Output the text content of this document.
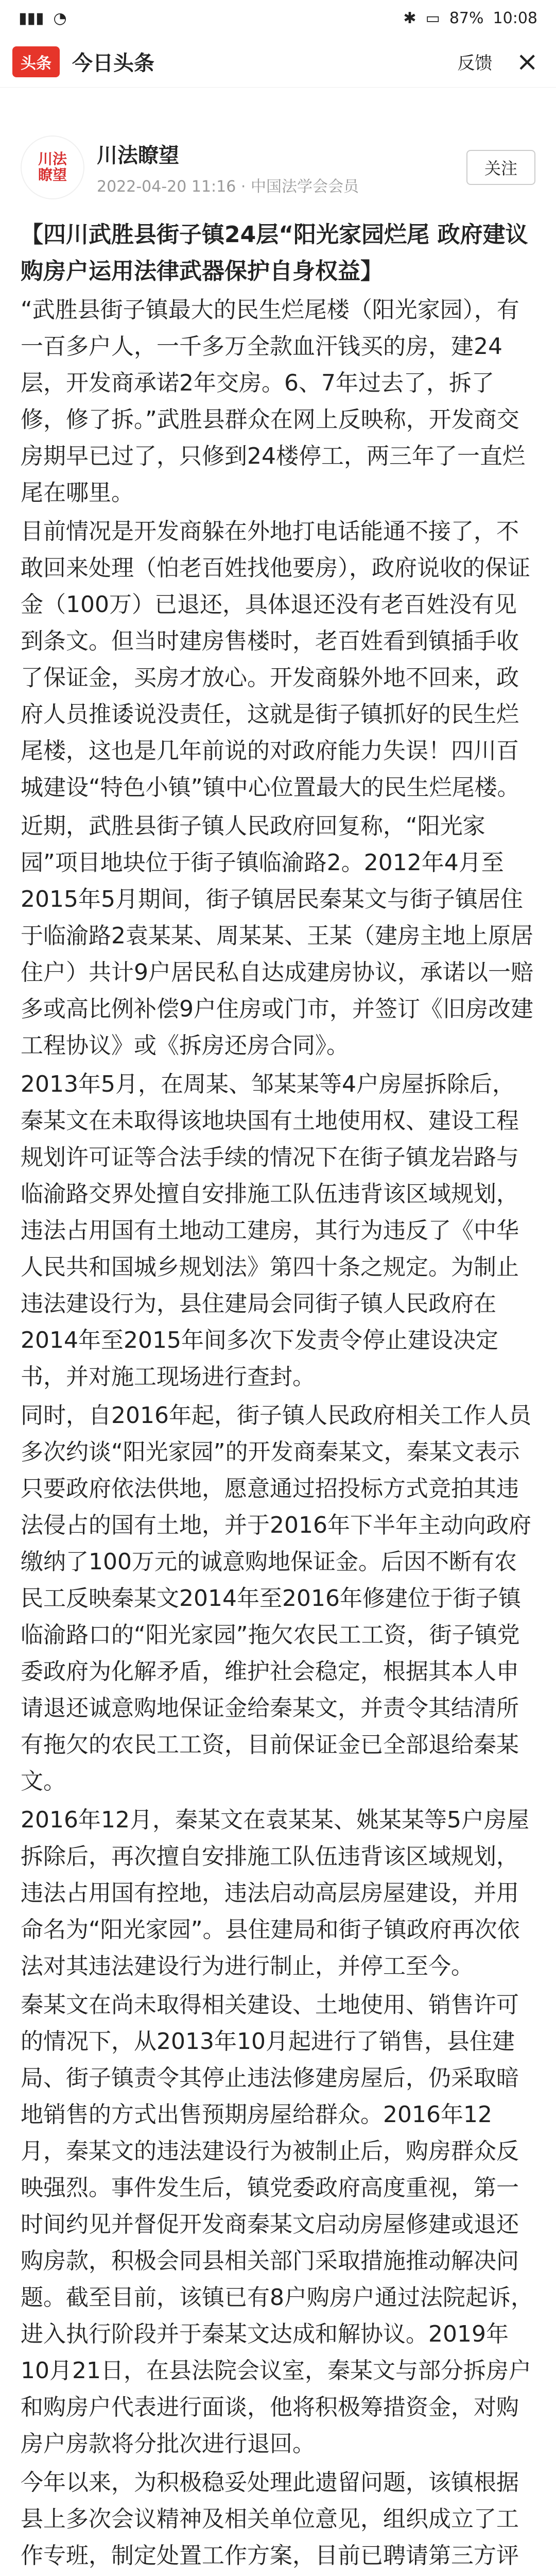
▮▮▮ ◔	✱ ▭ 87% 10:08
头条	今日头条	反馈 ×
川法
瞭望
川法瞭望
2022-04-20 11:16 · 中国法学会会员
关注

【四川武胜县街子镇24层“阳光家园烂尾 政府建议购房户运用法律武器保护自身权益】

“武胜县街子镇最大的民生烂尾楼（阳光家园），有一百多户人，一千多万全款血汗钱买的房，建24层，开发商承诺2年交房。6、7年过去了，拆了修，修了拆。”武胜县群众在网上反映称，开发商交房期早已过了，只修到24楼停工，两三年了一直烂尾在哪里。

目前情况是开发商躲在外地打电话能通不接了，不敢回来处理（怕老百姓找他要房），政府说收的保证金（100万）已退还，具体退还没有老百姓没有见到条文。但当时建房售楼时，老百姓看到镇插手收了保证金，买房才放心。开发商躲外地不回来，政府人员推诿说没责任，这就是街子镇抓好的民生烂尾楼，这也是几年前说的对政府能力失误！四川百城建设“特色小镇”镇中心位置最大的民生烂尾楼。

近期，武胜县街子镇人民政府回复称，“阳光家园”项目地块位于街子镇临渝路2。2012年4月至2015年5月期间，街子镇居民秦某文与街子镇居住于临渝路2袁某某、周某某、王某（建房主地上原居住户）共计9户居民私自达成建房协议，承诺以一赔多或高比例补偿9户住房或门市，并签订《旧房改建工程协议》或《拆房还房合同》。

2013年5月，在周某、邹某某等4户房屋拆除后，秦某文在未取得该地块国有土地使用权、建设工程规划许可证等合法手续的情况下在街子镇龙岩路与临渝路交界处擅自安排施工队伍违背该区域规划，违法占用国有土地动工建房，其行为违反了《中华人民共和国城乡规划法》第四十条之规定。为制止违法建设行为，县住建局会同街子镇人民政府在2014年至2015年间多次下发责令停止建设决定书，并对施工现场进行查封。

同时，自2016年起，街子镇人民政府相关工作人员多次约谈“阳光家园”的开发商秦某文，秦某文表示只要政府依法供地，愿意通过招投标方式竞拍其违法侵占的国有土地，并于2016年下半年主动向政府缴纳了100万元的诚意购地保证金。后因不断有农民工反映秦某文2014年至2016年修建位于街子镇临渝路口的“阳光家园”拖欠农民工工资，街子镇党委政府为化解矛盾，维护社会稳定，根据其本人申请退还诚意购地保证金给秦某文，并责令其结清所有拖欠的农民工工资，目前保证金已全部退给秦某文。

2016年12月，秦某文在袁某某、姚某某等5户房屋拆除后，再次擅自安排施工队伍违背该区域规划，违法占用国有控地，违法启动高层房屋建设，并用命名为“阳光家园”。县住建局和街子镇政府再次依法对其违法建设行为进行制止，并停工至今。

秦某文在尚未取得相关建设、土地使用、销售许可的情况下，从2013年10月起进行了销售，县住建局、街子镇责令其停止违法修建房屋后，仍采取暗地销售的方式出售预期房屋给群众。2016年12月，秦某文的违法建设行为被制止后，购房群众反映强烈。事件发生后，镇党委政府高度重视，第一时间约见并督促开发商秦某文启动房屋修建或退还购房款，积极会同县相关部门采取措施推动解决问题。截至目前，该镇已有8户购房户通过法院起诉，进入执行阶段并于秦某文达成和解协议。2019年10月21日，在县法院会议室，秦某文与部分拆房户和购房户代表进行面谈，他将积极筹措资金，对购房户房款将分批次进行退回。

今年以来，为积极稳妥处理此遗留问题，该镇根据县上多次会议精神及相关单位意见，组织成立了工作专班，制定处置工作方案，目前已聘请第三方评
